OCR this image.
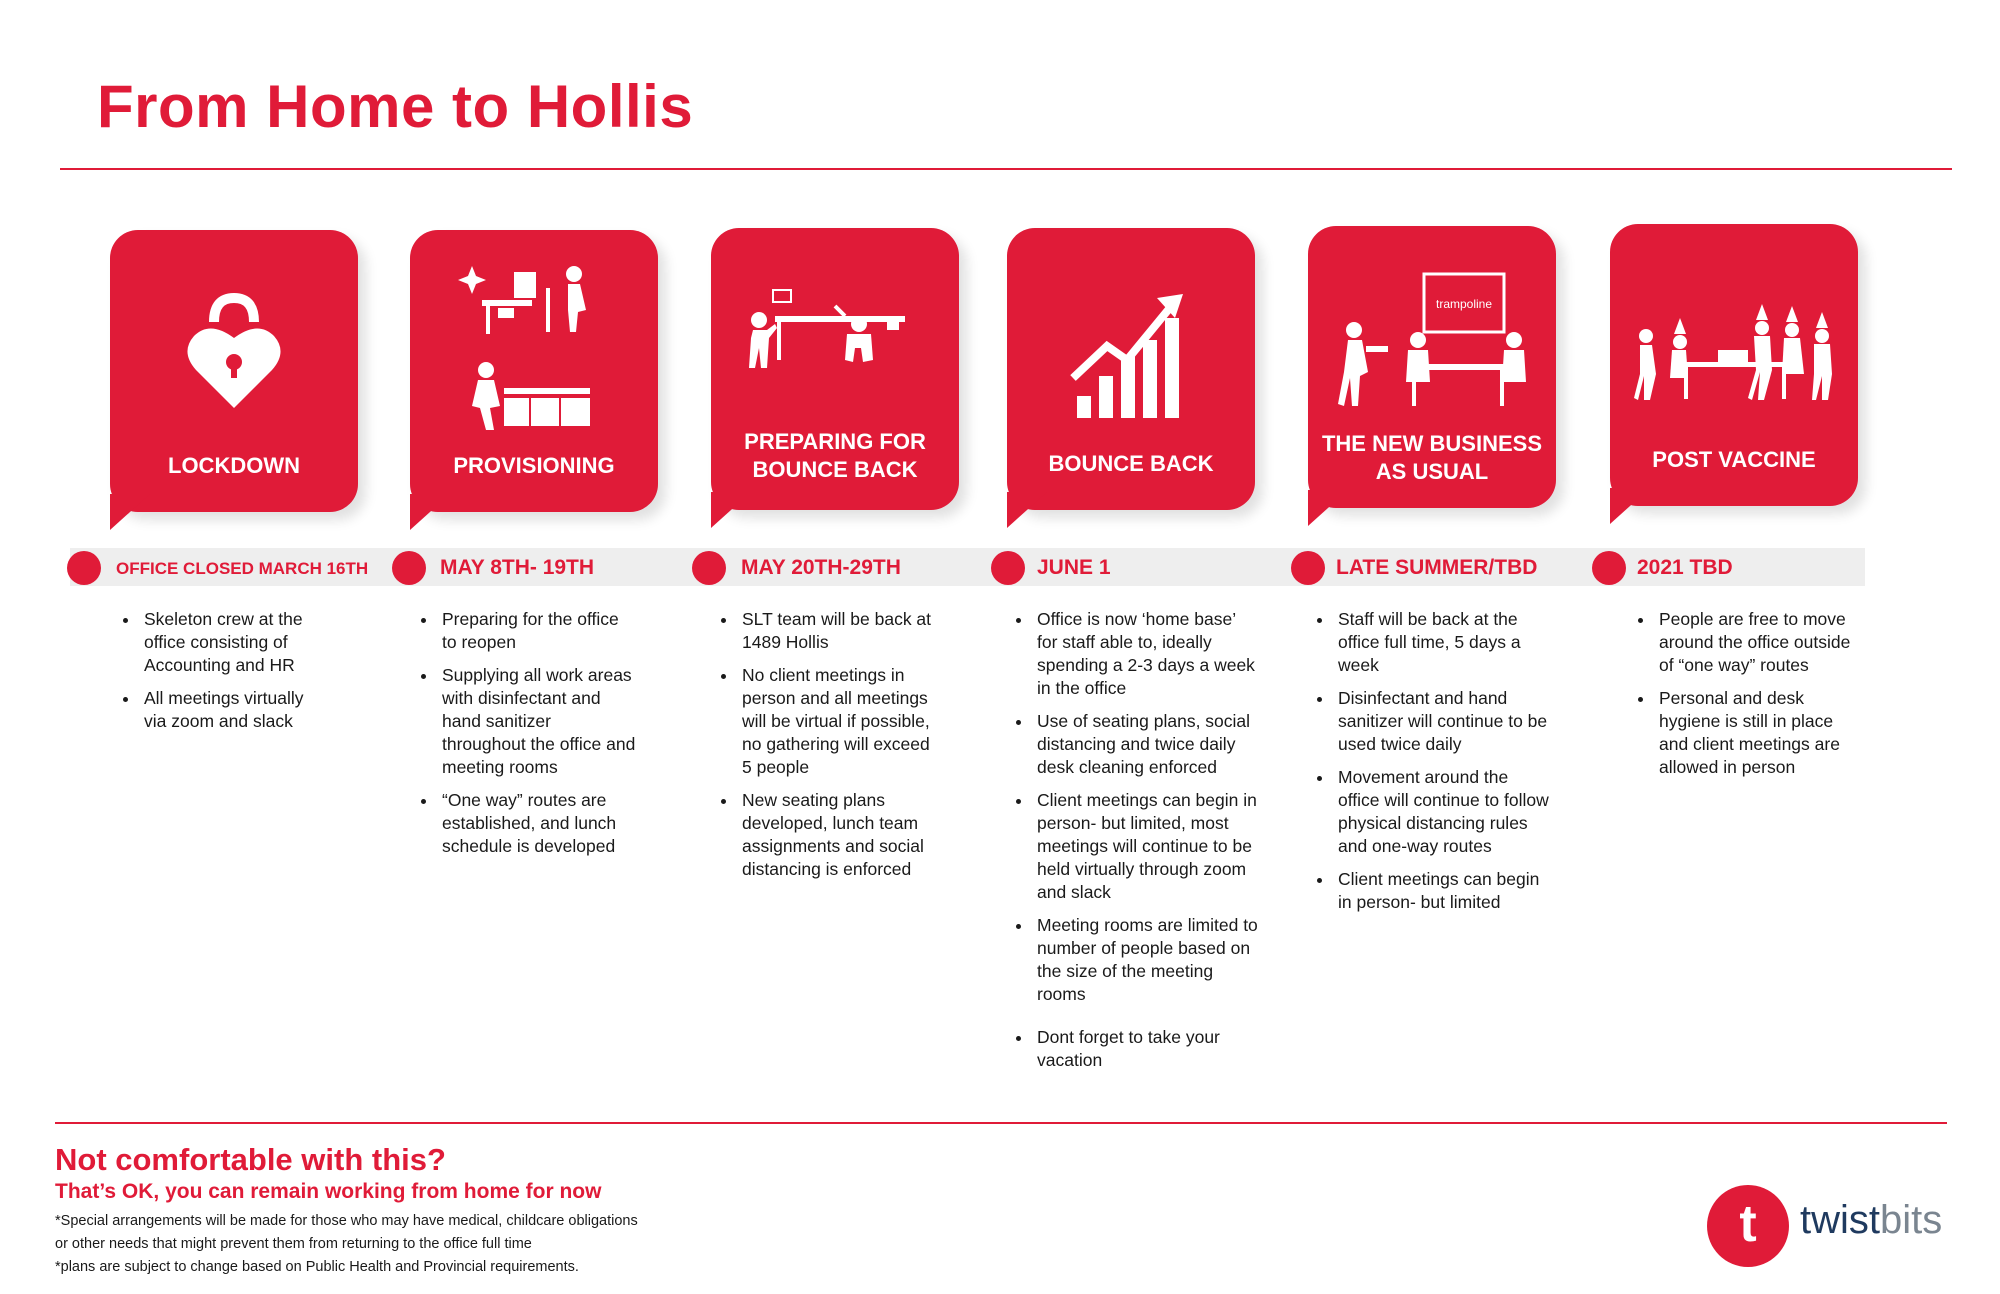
From Home to Hollis
LOCKDOWN	PROVISIONING
PREPARING FOR
BOUNCE BACK	BOUNCE BACK
trampoline
THE NEW BUSINESS
AS USUAL	POST VACCINE
OFFICE CLOSED MARCH 16TH	MAY 8TH- 19TH	MAY 20TH-29TH	JUNE 1	LATE SUMMER/TBD	2021 TBD
• Skeleton crew at the office consisting of Accounting and HR
• All meetings virtually via zoom and slack
• Preparing for the office to reopen
• Supplying all work areas with disinfectant and hand sanitizer throughout the office and meeting rooms
• “One way” routes are established, and lunch schedule is developed
• SLT team will be back at 1489 Hollis
• No client meetings in person and all meetings will be virtual if possible, no gathering will exceed 5 people
• New seating plans developed, lunch team assignments and social distancing is enforced
• Office is now ‘home base’ for staff able to, ideally spending a 2-3 days a week in the office
• Use of seating plans, social distancing and twice daily desk cleaning enforced
• Client meetings can begin in person- but limited, most meetings will continue to be held virtually through zoom and slack
• Meeting rooms are limited to number of people based on the size of the meeting rooms
• Dont forget to take your vacation
• Staff will be back at the office full time, 5 days a week
• Disinfectant and hand sanitizer will continue to be used twice daily
• Movement around the office will continue to follow physical distancing rules and one-way routes
• Client meetings can begin in person- but limited
• People are free to move around the office outside of “one way” routes
• Personal and desk hygiene is still in place and client meetings are allowed in person
Not comfortable with this?
That’s OK, you can remain working from home for now
*Special arrangements will be made for those who may have medical, childcare obligations
or other needs that might prevent them from returning to the office full time
*plans are subject to change based on Public Health and Provincial requirements.
t	twistbits
